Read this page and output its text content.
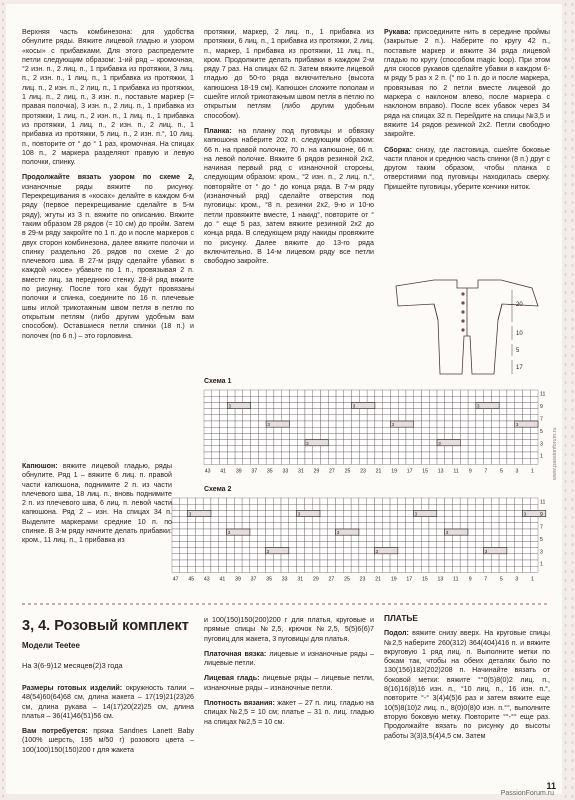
Верхняя часть комбинезона: для удобства обнулите ряды. Вяжите лицевой гладью и узором «косы» с прибавками. Для этого распределите петли следующим образом: 1-ий ряд – кромочная, °2 изн. п., 2 лиц. п., 1 прибавка из протяжки, 3 лиц. п., 2 изн. п., 1 лиц. п., 1 прибавка из протяжки, 1 лиц. п., 2 изн. п., 2 лиц. п., 1 прибавка из протяжки, 1 лиц. п., 2 лиц. п., 3 изн. п., поставьте маркер (= правая полочка), 3 изн. п., 2 лиц. п., 1 прибавка из протяжки, 1 лиц. п., 2 изн. п., 1 лиц. п., 1 прибавка из протяжки, 1 лиц. п., 2 изн. п., 2 лиц. п., 1 прибавка из протяжки, 5 лиц. п., 2 изн. п.°, 10 лиц. п., повторите от ° до ° 1 раз, кромочная. На спицах 108 п., 2 маркера разделяют правую и левую полочки, спинку.

Продолжайте вязать узором по схеме 2, изнаночные ряды вяжите по рисунку. Перекрещивания в «косах» делайте в каждом 6-м ряду (первое перекрещивание сделайте в 5-м ряду), жгуты из 3 п. вяжите по описанию. Вяжите таким образом 28 рядов (= 10 см) до пройм. Затем в 29-м ряду закройте по 1 п. до и после маркеров с двух сторон комбинезона, далее вяжите полочки и спинку раздельно 26 рядов по схеме 2 до плечевого шва. В 27-м ряду сделайте убавки: в каждой «косе» убавьте по 1 п., провязывая 2 п. вместе лиц. за переднюю стенку. 28-й ряд вяжите по рисунку. После того как будут провязаны полочки и спинка, соедините по 16 п. плечевые швы иглой трикотажным швом петля в петлю по открытым петлям (либо другим удобным вам способом). Оставшиеся петли спинки (18 п.) и полочек (по 6 п.) – это горловина.

Капюшон: вяжите лицевой гладью, ряды обнулите. Ряд 1 – вяжите 6 лиц. п. правой части капюшона, поднимите 2 п. из части плечевого шва, 18 лиц. п., вновь поднимите 2 п. из плечевого шва, 6 лиц. п. левой части капюшона. Ряд 2 – изн. На спицах 34 п. Выделите маркерами средние 10 п. по спинке. В 3-м ряду начните делать прибавки: кром., 11 лиц. п., 1 прибавка из

протяжки, маркер, 2 лиц. п., 1 прибавка из протяжки, 6 лиц. п., 1 прибавка из протяжки, 2 лиц. п., маркер, 1 прибавка из протяжки, 11 лиц. п., кром. Продолжите делать прибавки в каждом 2-м ряду 7 раз. На спицах 62 п. Затем вяжите лицевой гладью до 50-го ряда включительно (высота капюшона 18-19 см). Капюшон сложите пополам и сшейте иглой трикотажным швом петля в петлю по открытым петлям (либо другим удобным способом).

Планка: на планку под пуговицы и обвязку капюшона наберите 202 п. следующим образом: 66 п. на правой полочке, 70 п. на капюшоне, 66 п. на левой полочке. Вяжите 6 рядов резинкой 2х2, начиная первый ряд с изнаночной стороны, следующим образом: кром., °2 изн. п., 2 лиц. п.°, повторяйте от ° до ° до конца ряда. В 7-м ряду (изнаночный ряд) сделайте отверстия под пуговицы: кром., °8 п. резинки 2х2, 9-ю и 10-ю петли провяжите вместе, 1 накид°, повторите от ° до ° еще 5 раз, затем вяжите резинкой 2х2 до конца ряда. В следующем ряду накиды провяжите по рисунку. Далее вяжите до 13-го ряда включительно. В 14-м лицевом ряду все петли свободно закройте.

Рукава: присоедините нить в середине проймы (закрытые 2 п.). Наберите по кругу 42 п., поставьте маркер и вяжите 34 ряда лицевой гладью по кругу (способом magic loop). При этом для скосов рукавов сделайте убавки в каждом 6-м ряду 5 раз х 2 п. (° по 1 п. до и после маркера, провязывая по 2 петли вместе лицевой до маркера с наклоном влево, после маркера с наклоном вправо). После всех убавок через 34 ряда на спицах 32 п. Перейдите на спицы №3,5 и вяжите 14 рядов резинкой 2х2. Петли свободно закройте.

Сборка: снизу, где ластовица, сшейте боковые части планок и среднюю часть спинки (8 п.) друг с другом таким образом, чтобы планка с отверстиями под пуговицы находилась сверху. Пришейте пуговицы, уберите кончики ниток.

20
10
5
17
Схема 1
3
3
3
3
3
3
3
3
43 41 39 37 35 33 31 29 27 25 23 21 19 17 15 13 11 9 7 5 3 1
11
9
7
5
3
1
Схема 2
3
3
3
3
3
3
3
3
3
3
47 45 43 41 39 37 35 33 31 29 27 25 23 21 19 17 15 13 11 9 7 5 3 1
11
9
7
5
3
1
3, 4. Розовый комплект
Модели Teetee
На 3(6-9)12 месяцев(2)3 года

Размеры готовых изделий: окружность талии – 48(54)60(64)68 см, длина жакета – 17(19)21(23)26 см, длина рукава – 14(17)20(22)25 см, длина платья – 36(41)46(51)56 см.

Вам потребуется: пряжа Sandnes Lanett Baby (100% шерсть, 195 м/50 г) розового цвета – 100(100)150(150)200 г для жакета

и 100(150)150(200)200 г для платья, круговые и прямые спицы №2,5, крючок №2,5, 5(5)6(6)7 пуговиц для жакета, 3 пуговицы для платья.

Платочная вязка: лицевые и изнаночные ряды – лицевые петли.

Лицевая гладь: лицевые ряды – лицевые петли, изнаночные ряды – изнаночные петли.

Плотность вязания: жакет – 27 п. лиц. гладью на спицах №2,5 = 10 см; платье – 31 п. лиц. гладью на спицах №2,5 = 10 см.

ПЛАТЬЕ

Подол: вяжите снизу вверх. На круговые спицы №2,5 наберите 260(312) 364(404)416 п. и вяжите вкруговую 1 ряд лиц. п. Выполните метки по бокам так, чтобы на обеих деталях было по 130(156)182(202)208 п. Начинайте вязать от боковой метки: вяжите °°0(5)8(0)2 лиц. п., 8(16)16(8)16 изн. п., °10 лиц. п., 16 изн. п.°, повторите °-° 3(4)4(5)6 раз и затем вяжите еще 10(5)8(10)2 лиц. п., 8(0)0(8)0 изн. п.°°, выполните вторую боковую метку. Повторите °°-°° еще раз. Продолжайте вязать по рисунку до высоты работы 3(3)3,5(4)4,5 см. Затем

11
PassionForum.ru
www.passionforum.ru
